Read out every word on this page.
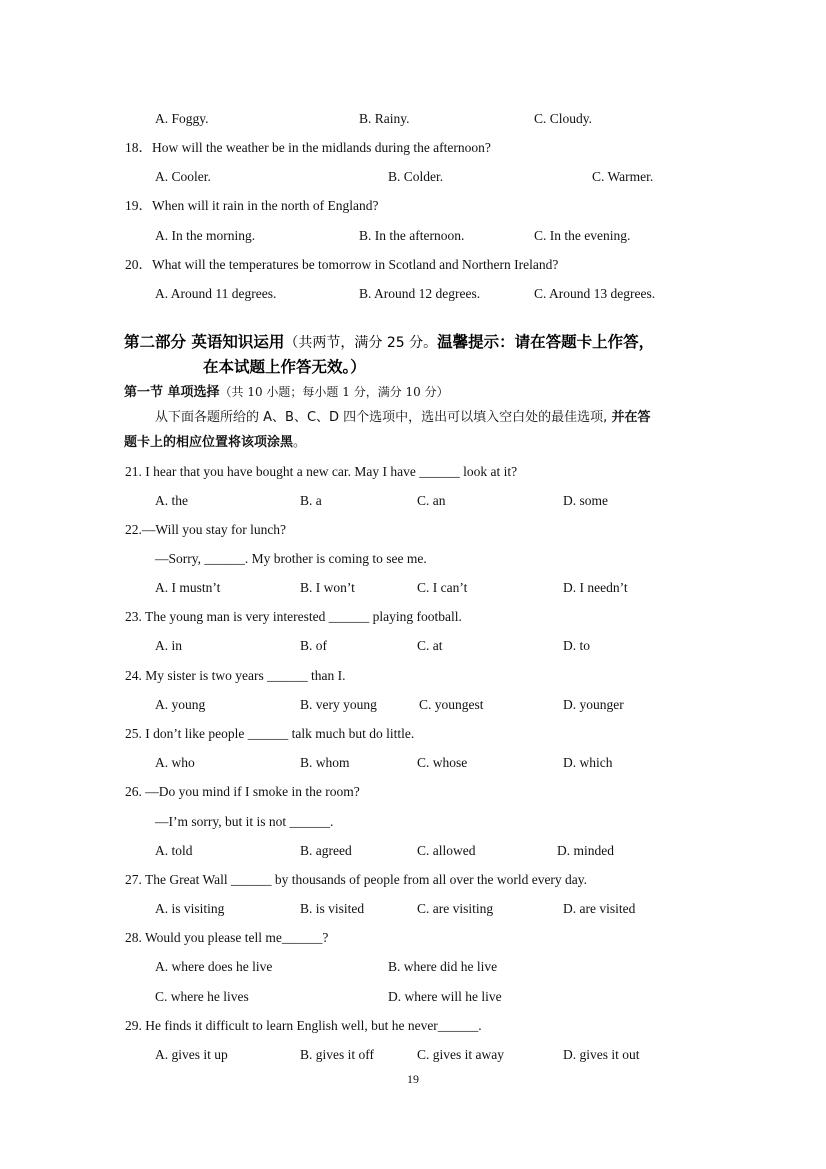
A. Foggy.	B. Rainy.	C. Cloudy.
18．How will the weather be in the midlands during the afternoon?
A. Cooler.	B. Colder.	C. Warmer.
19．When will it rain in the north of England?
A. In the morning.	B. In the afternoon.	C. In the evening.
20．What will the temperatures be tomorrow in Scotland and Northern Ireland?
A. Around 11 degrees.	B. Around 12 degrees.	C. Around 13 degrees.
第二部分 英语知识运用（共两节，满分 25 分。温馨提示：请在答题卡上作答，
在本试题上作答无效。）
第一节 单项选择（共 10 小题；每小题 1 分，满分 10 分）
从下面各题所给的 A、B、C、D 四个选项中，选出可以填入空白处的最佳选项, 并在答
题卡上的相应位置将该项涂黑。
21. I hear that you have bought a new car. May I have ______ look at it?
A. the	B. a	C. an	D. some
22.—Will you stay for lunch?
—Sorry, ______. My brother is coming to see me.
A. I mustn’t	B. I won’t	C. I can’t	D. I needn’t
23. The young man is very interested ______ playing football.
A. in	B. of	C. at	D. to
24. My sister is two years ______ than I.
A. young	B. very young	C. youngest	D. younger
25. I don’t like people ______ talk much but do little.
A. who	B. whom	C. whose	D. which
26. —Do you mind if I smoke in the room?
—I’m sorry, but it is not ______.
A. told	B. agreed	C. allowed	D. minded
27. The Great Wall ______ by thousands of people from all over the world every day.
A. is visiting	B. is visited	C. are visiting	D. are visited
28. Would you please tell me______?
A. where does he live	B. where did he live
C. where he lives	D. where will he live
29. He finds it difficult to learn English well, but he never______.
A. gives it up	B. gives it off	C. gives it away	D. gives it out
19
